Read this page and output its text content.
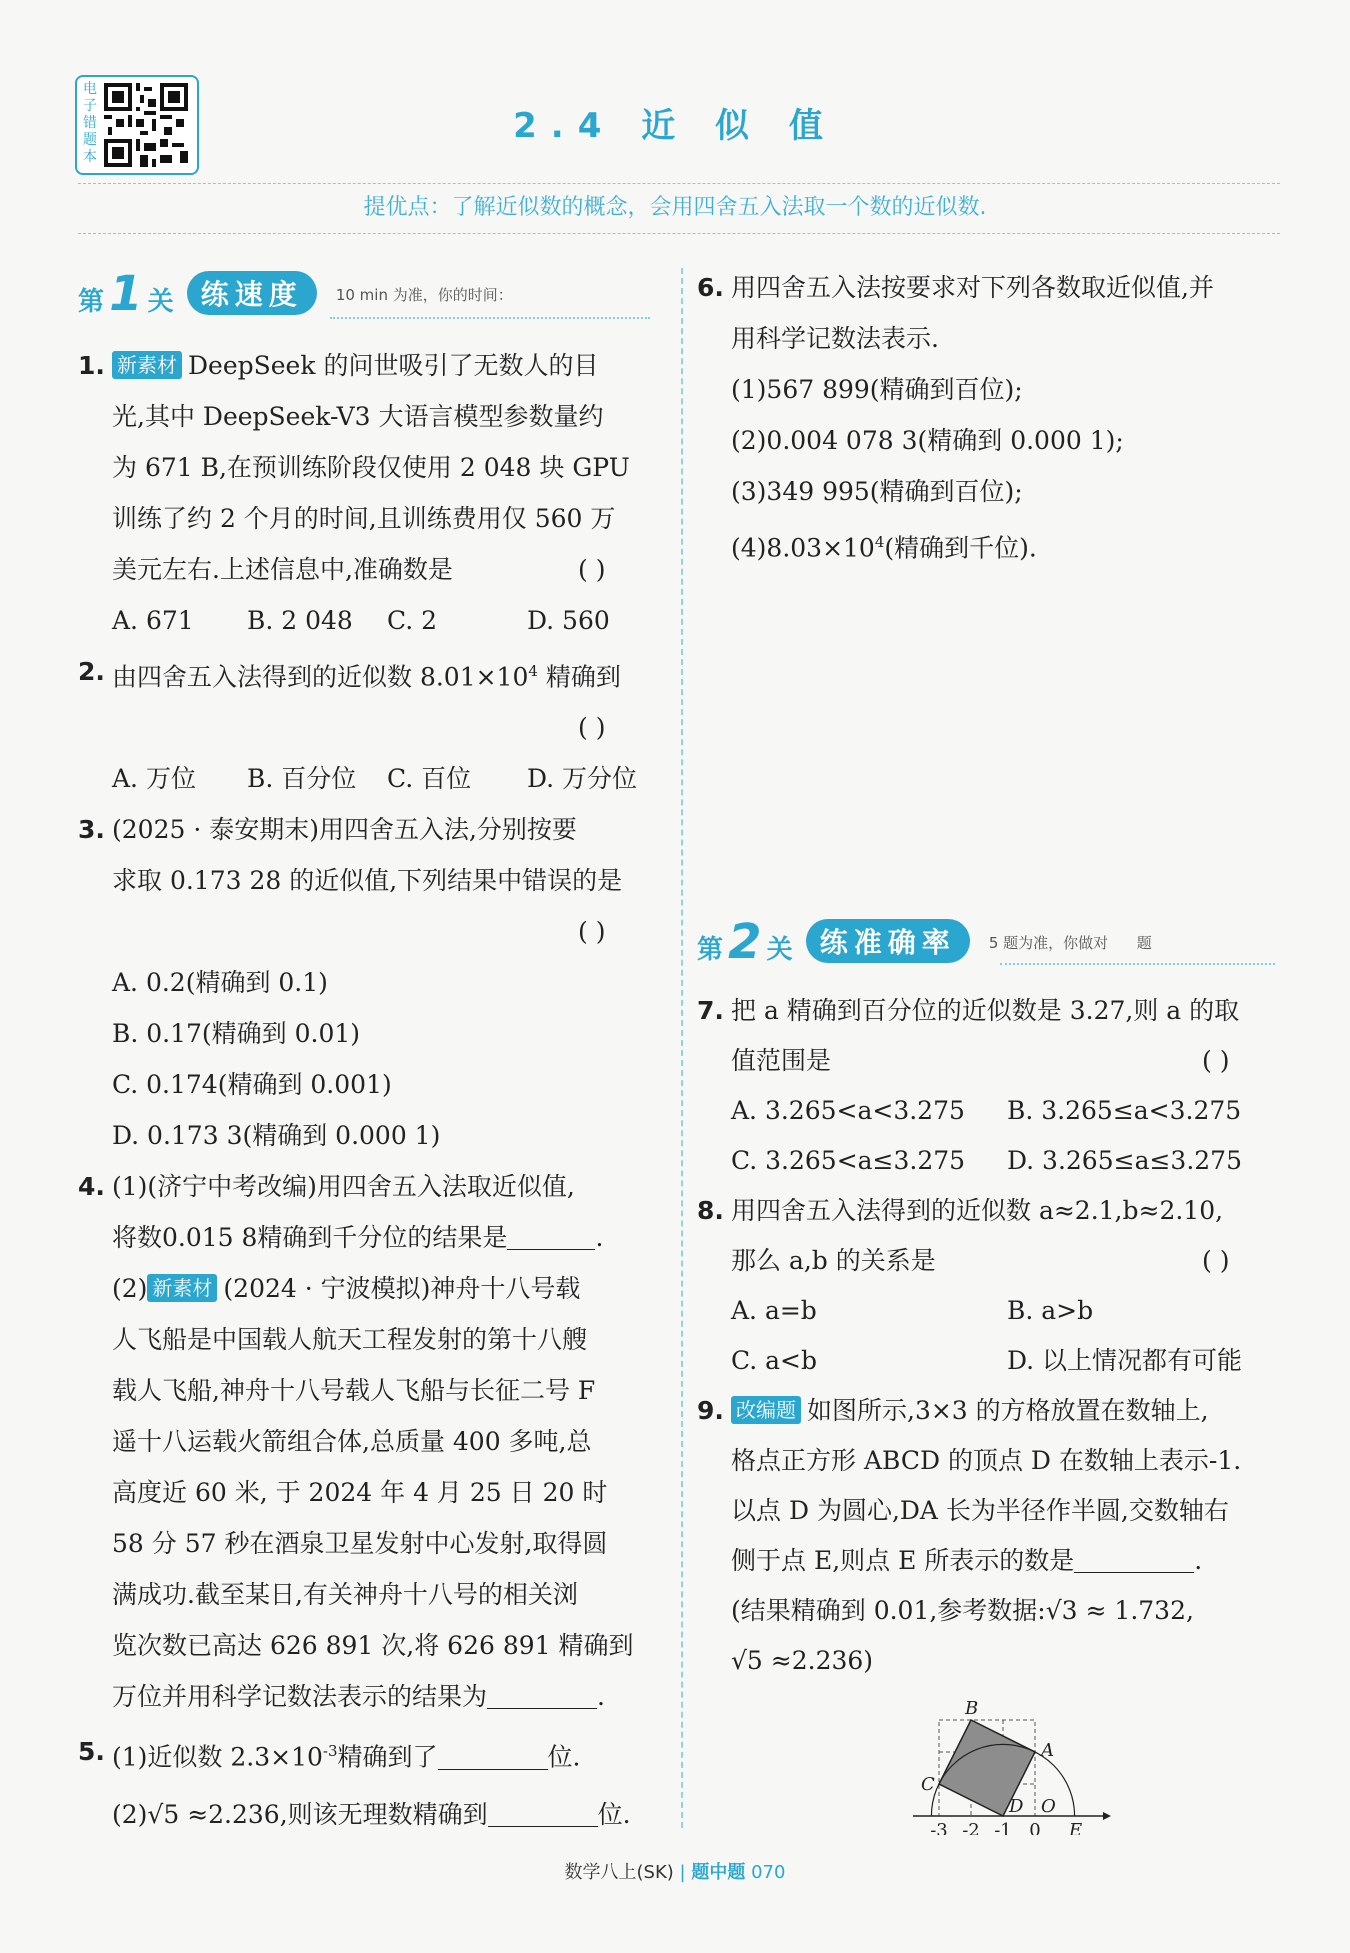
电子错题本
2.4 近 似 值
提优点：了解近似数的概念，会用四舍五入法取一个数的近似数.
第 1 关 练速度 10 min 为准，你的时间：
1. 新素材 DeepSeek 的问世吸引了无数人的目
光,其中 DeepSeek-V3 大语言模型参数量约
为 671 B,在预训练阶段仅使用 2 048 块 GPU
训练了约 2 个月的时间,且训练费用仅 560 万
美元左右.上述信息中,准确数是	( )
A. 671	B. 2 048	C. 2	D. 560
2. 由四舍五入法得到的近似数 $8.01\times 10^4$ 精确到
( )

A. 万位	B. 百分位	C. 百位	D. 万分位
3. (2025 · 泰安期末)用四舍五入法,分别按要
求取 0.173 28 的近似值,下列结果中错误的是
( )

A. 0.2(精确到 0.1)
B. 0.17(精确到 0.01)
C. 0.174(精确到 0.001)
D. 0.173 3(精确到 0.000 1)
4. (1)(济宁中考改编)用四舍五入法取近似值,
将数0.015 8精确到千分位的结果是	.
(2) 新素材 (2024 · 宁波模拟)神舟十八号载
人飞船是中国载人航天工程发射的第十八艘
载人飞船,神舟十八号载人飞船与长征二号 F
遥十八运载火箭组合体,总质量 400 多吨,总
高度近 60 米, 于 2024 年 4 月 25 日 20 时
58 分 57 秒在酒泉卫星发射中心发射,取得圆
满成功.截至某日,有关神舟十八号的相关浏
览次数已高达 626 891 次,将 626 891 精确到
万位并用科学记数法表示的结果为	.
5. (1)近似数 $2.3\times 10^{-3}$精确到了	位.
(2)√5 ≈2.236,则该无理数精确到	位.
6. 用四舍五入法按要求对下列各数取近似值,并
用科学记数法表示.
(1)567 899(精确到百位);
(2)0.004 078 3(精确到 0.000 1);
(3)349 995(精确到百位);
$(4)8.03\times 10^4$(精确到千位).
第 2 关 练准确率 5 题为准，你做对      题
7. 把 a 精确到百分位的近似数是 3.27,则 a 的取
值范围是	( )
A. 3.265<a<3.275	B. 3.265≤a<3.275
C. 3.265<a≤3.275	D. 3.265≤a≤3.275
8. 用四舍五入法得到的近似数 a≈2.1,b≈2.10,
那么 a,b 的关系是	( )
A. a=b	B. a>b
C. a<b	D. 以上情况都有可能
9. 改编题 如图所示,3×3 的方格放置在数轴上,
格点正方形 ABCD 的顶点 D 在数轴上表示-1.
以点 D 为圆心,DA 长为半径作半圆,交数轴右
侧于点 E,则点 E 所表示的数是	.
(结果精确到 0.01,参考数据:√3 ≈ 1.732,
√5 ≈2.236)
B
A
C
D O
E
-3 -2 -1 0
数学八上(SK) | 题中题 070
